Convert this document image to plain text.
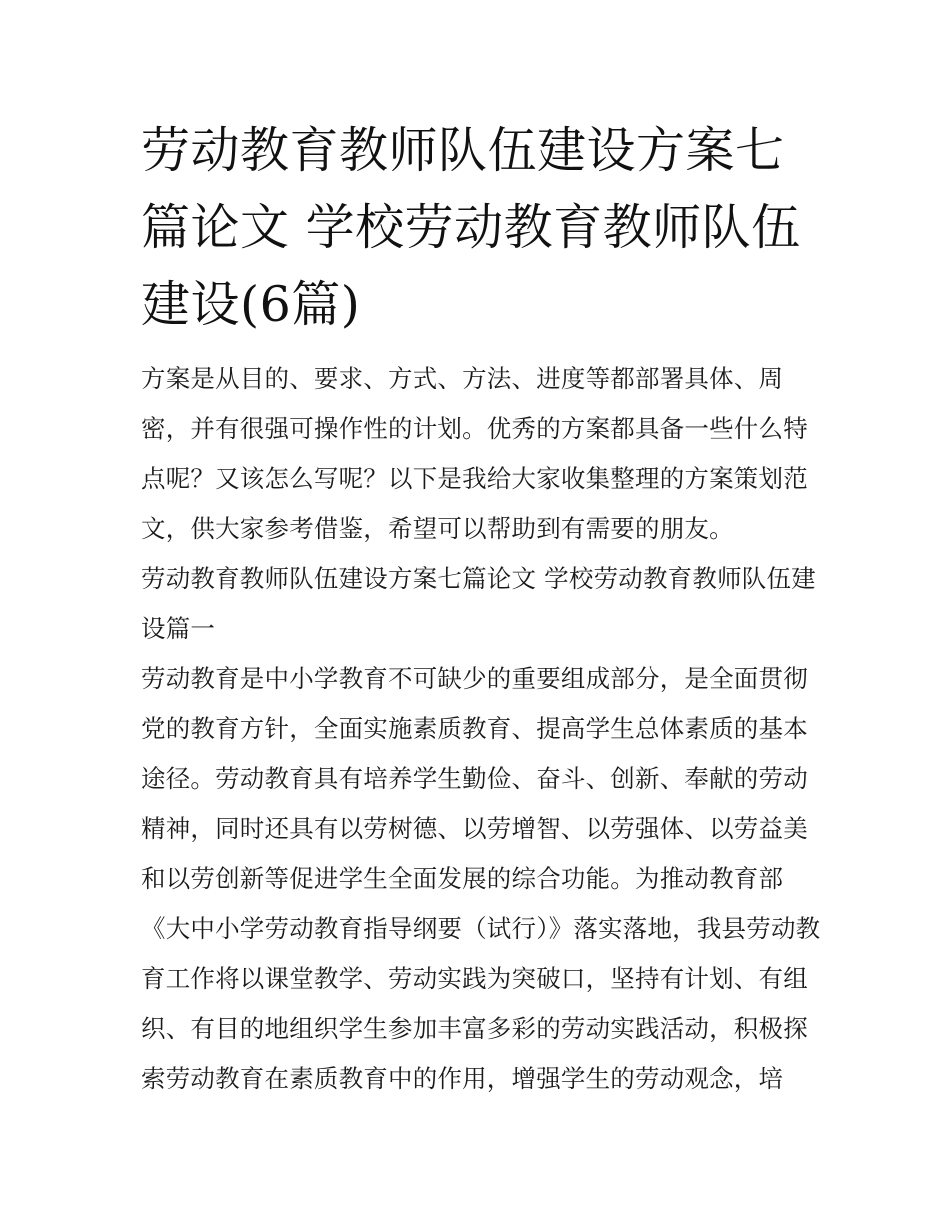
劳动教育教师队伍建设方案七篇论文 学校劳动教育教师队伍建设(6篇)

方案是从目的、要求、方式、方法、进度等都部署具体、周密，并有很强可操作性的计划。优秀的方案都具备一些什么特点呢？又该怎么写呢？以下是我给大家收集整理的方案策划范文，供大家参考借鉴，希望可以帮助到有需要的朋友。

劳动教育教师队伍建设方案七篇论文 学校劳动教育教师队伍建设篇一

劳动教育是中小学教育不可缺少的重要组成部分，是全面贯彻党的教育方针，全面实施素质教育、提高学生总体素质的基本途径。劳动教育具有培养学生勤俭、奋斗、创新、奉献的劳动精神，同时还具有以劳树德、以劳增智、以劳强体、以劳益美和以劳创新等促进学生全面发展的综合功能。为推动教育部《大中小学劳动教育指导纲要（试行）》落实落地，我县劳动教育工作将以课堂教学、劳动实践为突破口，坚持有计划、有组织、有目的地组织学生参加丰富多彩的劳动实践活动，积极探索劳动教育在素质教育中的作用，增强学生的劳动观念，培
